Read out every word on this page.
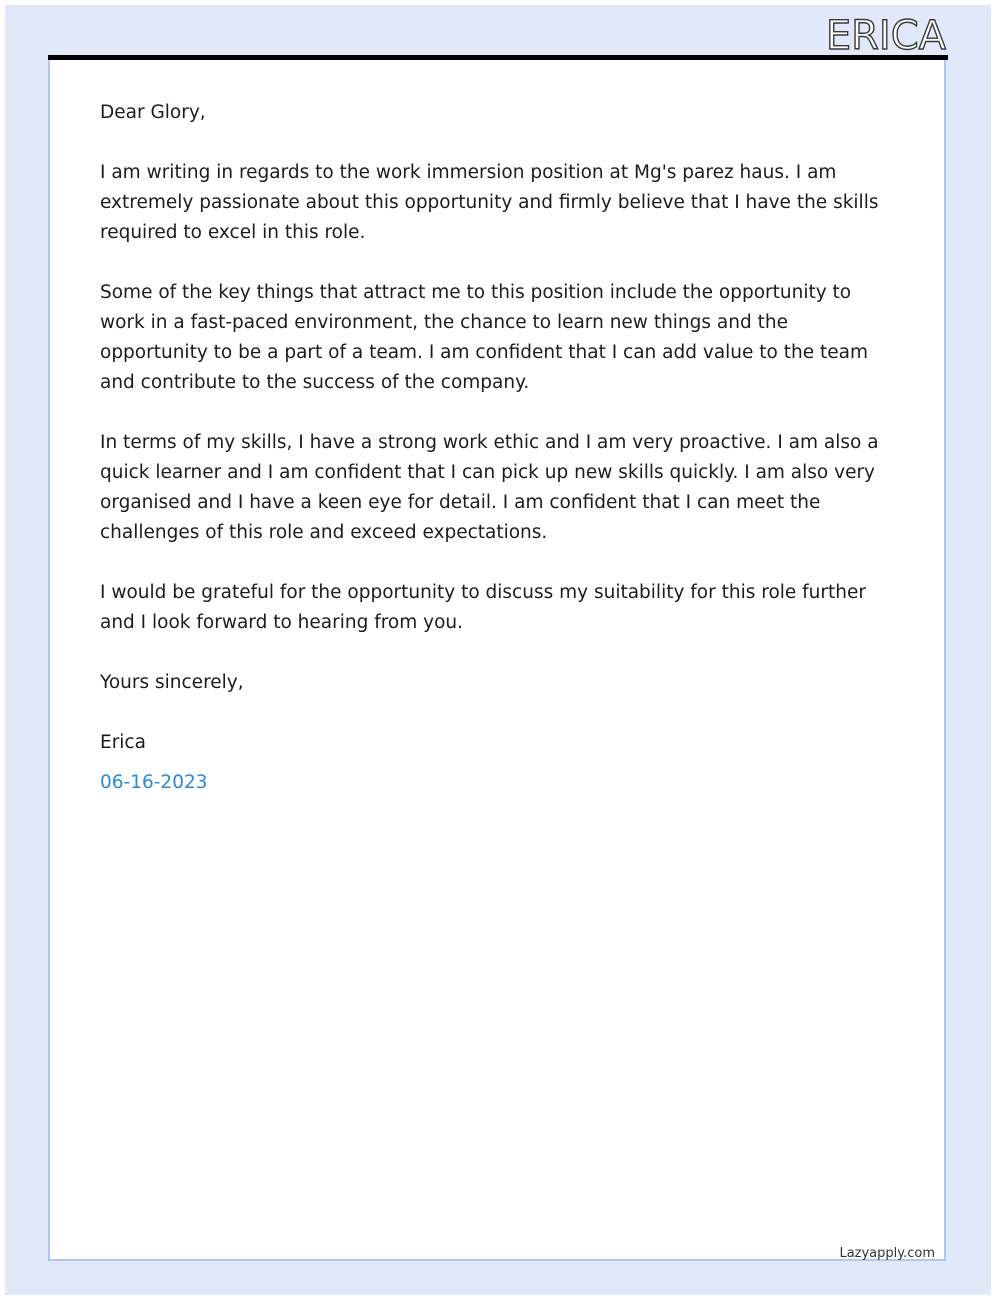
ERICA

Dear Glory,

I am writing in regards to the work immersion position at Mg's parez haus. I am extremely passionate about this opportunity and firmly believe that I have the skills required to excel in this role.

Some of the key things that attract me to this position include the opportunity to work in a fast-paced environment, the chance to learn new things and the opportunity to be a part of a team. I am confident that I can add value to the team and contribute to the success of the company.

In terms of my skills, I have a strong work ethic and I am very proactive. I am also a quick learner and I am confident that I can pick up new skills quickly. I am also very organised and I have a keen eye for detail. I am confident that I can meet the challenges of this role and exceed expectations.

I would be grateful for the opportunity to discuss my suitability for this role further and I look forward to hearing from you.

Yours sincerely,

Erica

06-16-2023

Lazyapply.com
